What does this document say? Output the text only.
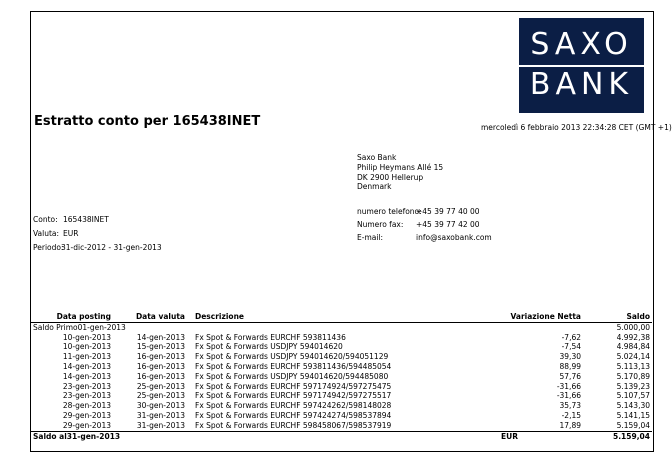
SAXO
BANK
Estratto conto per 165438INET	mercoledì 6 febbraio 2013 22:34:28 CET (GMT +1)
Saxo Bank
Philip Heymans Allé 15
DK 2900 Hellerup
Denmark
numero telefono:
+45 39 77 40 00
Numero fax: +45 39 77 42 00
E-mail:	info@saxobank.com
Conto: 165438INET
Valuta: EUR
Periodo:
31-dic-2012 - 31-gen-2013
Data posting	Data valuta	Descrizione	Variazione Netta	Saldo
Saldo Primo01-gen-2013				5.000,00
10-gen-2013	14-gen-2013	Fx Spot & Forwards EURCHF 593811436	-7,62	4.992,38
10-gen-2013	15-gen-2013	Fx Spot & Forwards USDJPY 594014620	-7,54	4.984,84
11-gen-2013	16-gen-2013	Fx Spot & Forwards USDJPY 594014620/594051129	39,30	5.024,14
14-gen-2013	16-gen-2013	Fx Spot & Forwards EURCHF 593811436/594485054	88,99	5.113,13
14-gen-2013	16-gen-2013	Fx Spot & Forwards USDJPY 594014620/594485080	57,76	5.170,89
23-gen-2013	25-gen-2013	Fx Spot & Forwards EURCHF 597174924/597275475	-31,66	5.139,23
23-gen-2013	25-gen-2013	Fx Spot & Forwards EURCHF 597174942/597275517	-31,66	5.107,57
28-gen-2013	30-gen-2013	Fx Spot & Forwards EURCHF 597424262/598148028	35,73	5.143,30
29-gen-2013	31-gen-2013	Fx Spot & Forwards EURCHF 597424274/598537894	-2,15	5.141,15
29-gen-2013	31-gen-2013	Fx Spot & Forwards EURCHF 598458067/598537919	17,89	5.159,04
Saldo al31-gen-2013			EUR	5.159,04
